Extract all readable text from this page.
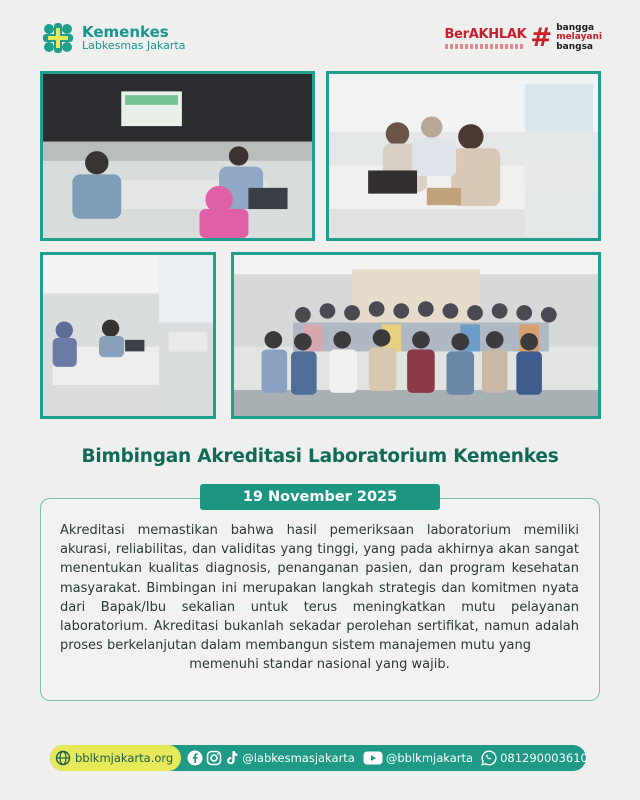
Kemenkes
Labkesmas Jakarta
BerAKHLAK # bangga
melayani
bangsa
Bimbingan Akreditasi Laboratorium Kemenkes

Akreditasi memastikan bahwa hasil pemeriksaan laboratorium memiliki akurasi, reliabilitas, dan validitas yang tinggi, yang pada akhirnya akan sangat menentukan kualitas diagnosis, penanganan pasien, dan program kesehatan masyarakat. Bimbingan ini merupakan langkah strategis dan komitmen nyata dari Bapak/Ibu sekalian untuk terus meningkatkan mutu pelayanan laboratorium. Akreditasi bukanlah sekadar perolehan sertifikat, namun adalah proses berkelanjutan dalam membangun sistem manajemen mutu yang
memenuhi standar nasional yang wajib.

19 November 2025
bblkmjakarta.org	@labkesmasjakarta	@bblkmjakarta 081290003610
